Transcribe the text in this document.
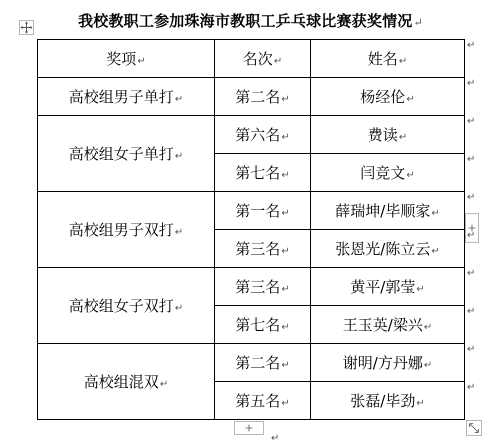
我校教职工参加珠海市教职工乒乓球比赛获奖情况↵
奖项↵	名次↵	姓名↵
高校组男子单打↵	第二名↵	杨经伦↵
高校组女子单打↵	第六名↵	费读↵
	第七名↵	闫竞文↵
高校组男子双打↵	第一名↵	薛瑞坤/毕顺家↵
	第三名↵	张恩光/陈立云↵
高校组女子双打↵	第三名↵	黄平/郭莹↵
	第七名↵	王玉英/梁兴↵
高校组混双↵	第二名↵	谢明/方丹娜↵
	第五名↵	张磊/毕劲↵
↵
↵
↵
↵
↵
↵
↵
↵
↵
↵
↵
